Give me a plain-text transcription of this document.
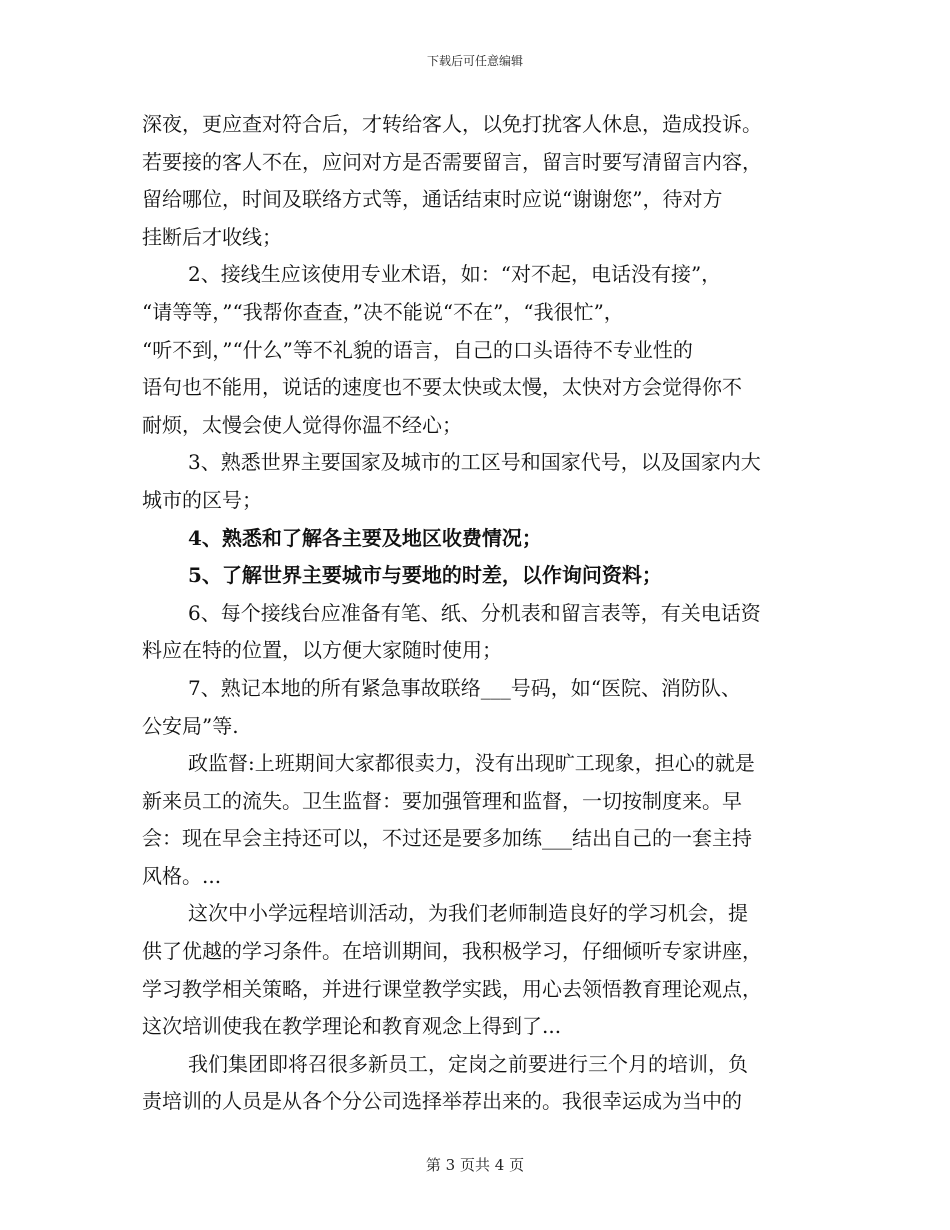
下载后可任意编辑
深夜，更应查对符合后，才转给客人，以免打扰客人休息，造成投诉。
若要接的客人不在，应问对方是否需要留言，留言时要写清留言内容，
留给哪位，时间及联络方式等，通话结束时应说“谢谢您”，待对方
挂断后才收线；
2、接线生应该使用专业术语，如：“对不起，电话没有接”，
“请等等，”“我帮你查查，”决不能说“不在”，“我很忙”，
“听不到，”“什么”等不礼貌的语言，自己的口头语待不专业性的
语句也不能用，说话的速度也不要太快或太慢，太快对方会觉得你不
耐烦，太慢会使人觉得你温不经心；
3、熟悉世界主要国家及城市的工区号和国家代号，以及国家内大
城市的区号；
4、熟悉和了解各主要及地区收费情况；
5、了解世界主要城市与要地的时差，以作询问资料；
6、每个接线台应准备有笔、纸、分机表和留言表等，有关电话资
料应在特的位置，以方便大家随时使用；
7、熟记本地的所有紧急事故联络___号码，如“医院、消防队、
公安局”等.
政监督:上班期间大家都很卖力，没有出现旷工现象，担心的就是
新来员工的流失。卫生监督：要加强管理和监督，一切按制度来。早
会：现在早会主持还可以，不过还是要多加练___结出自己的一套主持
风格。...
这次中小学远程培训活动，为我们老师制造良好的学习机会，提
供了优越的学习条件。在培训期间，我积极学习，仔细倾听专家讲座，
学习教学相关策略，并进行课堂教学实践，用心去领悟教育理论观点，
这次培训使我在教学理论和教育观念上得到了...
我们集团即将召很多新员工，定岗之前要进行三个月的培训，负
责培训的人员是从各个分公司选择举荐出来的。我很幸运成为当中的
第 3 页共 4 页
